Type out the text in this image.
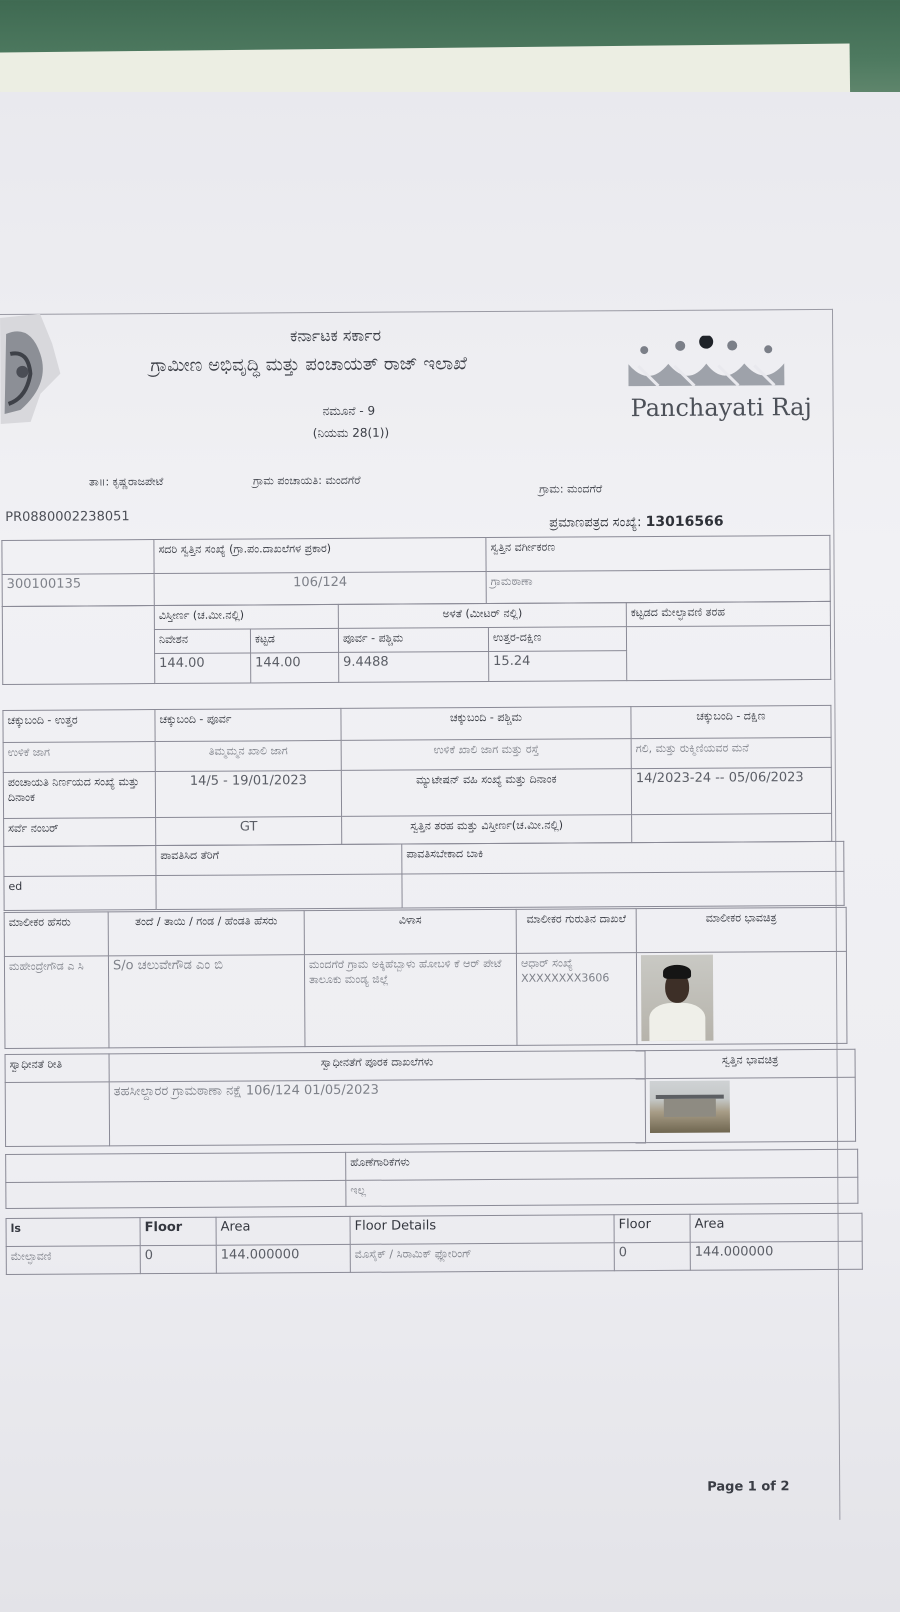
ಕರ್ನಾಟಕ ಸರ್ಕಾರ
ಗ್ರಾಮೀಣ ಅಭಿವೃದ್ಧಿ ಮತ್ತು ಪಂಚಾಯತ್ ರಾಜ್ ಇಲಾಖೆ
ನಮೂನೆ - 9
(ನಿಯಮ 28(1))
Panchayati Raj
ತಾ॥: ಕೃಷ್ಣರಾಜಪೇಟೆ	ಗ್ರಾಮ ಪಂಚಾಯತಿ: ಮಂದಗೆರೆ
ಗ್ರಾಮ: ಮಂದಗೆರೆ
PR0880002238051	ಪ್ರಮಾಣಪತ್ರದ ಸಂಖ್ಯೆ: 13016566
	ಸದರಿ ಸ್ವತ್ತಿನ ಸಂಖ್ಯೆ (ಗ್ರಾ.ಪಂ.ದಾಖಲೆಗಳ ಪ್ರಕಾರ)	ಸ್ವತ್ತಿನ ವರ್ಗೀಕರಣ
300100135	106/124	ಗ್ರಾಮಠಾಣಾ
	ವಿಸ್ತೀರ್ಣ (ಚ.ಮೀ.ನಲ್ಲಿ)		ಅಳತೆ (ಮೀಟರ್ ನಲ್ಲಿ)		ಕಟ್ಟಡದ ಮೇಲ್ಛಾವಣಿ ತರಹ
	ನಿವೇಶನ	ಕಟ್ಟಡ	ಪೂರ್ವ - ಪಶ್ಚಿಮ	ಉತ್ತರ-ದಕ್ಷಿಣ	
	144.00	144.00	9.4488	15.24	
ಚಕ್ಕುಬಂದಿ - ಉತ್ತರ	ಚಕ್ಕುಬಂದಿ - ಪೂರ್ವ	ಚಕ್ಕುಬಂದಿ - ಪಶ್ಚಿಮ	ಚಕ್ಕುಬಂದಿ - ದಕ್ಷಿಣ
ಉಳಿಕೆ ಜಾಗ	ತಿಮ್ಮಮ್ಮನ ಖಾಲಿ ಜಾಗ	ಉಳಿಕೆ ಖಾಲಿ ಜಾಗ ಮತ್ತು ರಸ್ತೆ	ಗಲಿ, ಮತ್ತು ರುಕ್ಮಿಣಿಯವರ ಮನೆ
ಪಂಚಾಯತಿ ನಿರ್ಣಯದ ಸಂಖ್ಯೆ ಮತ್ತು ದಿನಾಂಕ	14/5 - 19/01/2023	ಮ್ಯುಟೇಷನ್ ವಹಿ ಸಂಖ್ಯೆ ಮತ್ತು ದಿನಾಂಕ	14/2023-24 -- 05/06/2023
ಸರ್ವೆ ನಂಬರ್	GT	ಸ್ವತ್ತಿನ ತರಹ ಮತ್ತು ವಿಸ್ತೀರ್ಣ(ಚ.ಮೀ.ನಲ್ಲಿ)	
	ಪಾವತಿಸಿದ ತೆರಿಗೆ	ಪಾವತಿಸಬೇಕಾದ ಬಾಕಿ
ed		
ಮಾಲೀಕರ ಹೆಸರು	ತಂದೆ / ತಾಯಿ / ಗಂಡ / ಹೆಂಡತಿ ಹೆಸರು	ವಿಳಾಸ	ಮಾಲೀಕರ ಗುರುತಿನ ದಾಖಲೆ	ಮಾಲೀಕರ ಭಾವಚಿತ್ರ
ಮಹೇಂದ್ರೇಗೌಡ ಎ ಸಿ	S/o ಚಲುವೇಗೌಡ ಎಂ ಬಿ	ಮಂದಗೆರೆ ಗ್ರಾಮ ಅಕ್ಕಿಹೆಬ್ಬಾಳು ಹೋಬಳಿ ಕೆ ಆರ್ ಪೇಟೆ ತಾಲೂಕು ಮಂಡ್ಯ ಜಿಲ್ಲೆ	ಆಧಾರ್ ಸಂಖ್ಯೆ
XXXXXXXX3606	

ಸ್ವಾಧೀನತೆ ರೀತಿ	ಸ್ವಾಧೀನತೆಗೆ ಪೂರಕ ದಾಖಲೆಗಳು	ಸ್ವತ್ತಿನ ಭಾವಚಿತ್ರ
	ತಹಸೀಲ್ದಾರರ ಗ್ರಾಮಠಾಣಾ ನಕ್ಷೆ 106/124 01/05/2023	
	ಹೊಣೆಗಾರಿಕೆಗಳು
	ಇಲ್ಲ
ls	Floor	Area	Floor Details	Floor	Area
ಮೇಲ್ಛಾವಣಿ	0	144.000000	ಮೊಸೈಕ್ / ಸಿರಾಮಿಕ್ ಫ್ಲೋರಿಂಗ್	0	144.000000
Page 1 of 2
